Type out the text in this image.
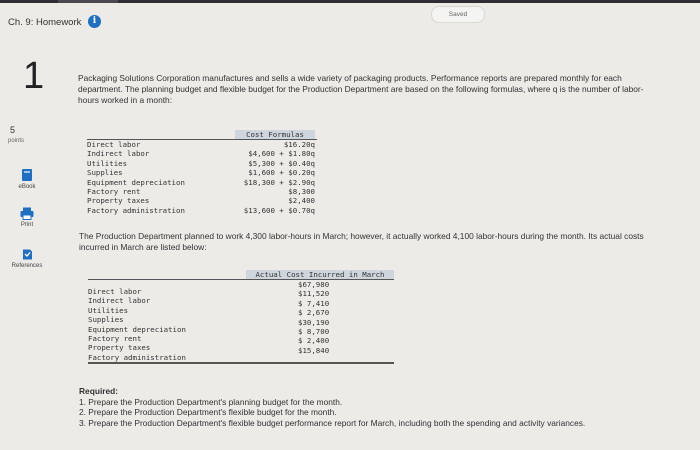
Ch. 9: Homework	i
Saved
1
5
points
eBook
Print
References
Packaging Solutions Corporation manufactures and sells a wide variety of packaging products. Performance reports are prepared monthly for each department. The planning budget and flexible budget for the Production Department are based on the following formulas, where q is the number of labor-hours worked in a month:
Cost Formulas
Direct labor
Indirect labor
Utilities
Supplies
Equipment depreciation
Factory rent
Property taxes
Factory administration
$16.20q
$4,600 + $1.80q
$5,300 + $0.40q
$1,600 + $0.20q
$18,300 + $2.90q
$8,300
$2,400
$13,600 + $0.70q
The Production Department planned to work 4,300 labor-hours in March; however, it actually worked 4,100 labor-hours during the month. Its actual costs incurred in March are listed below:
Actual Cost Incurred in March
Direct labor
Indirect labor
Utilities
Supplies
Equipment depreciation
Factory rent
Property taxes
Factory administration
$67,980
$11,520
$ 7,410
$ 2,670
$30,190
$ 8,700
$ 2,400
$15,840
Required:
1. Prepare the Production Department's planning budget for the month.
2. Prepare the Production Department's flexible budget for the month.
3. Prepare the Production Department's flexible budget performance report for March, including both the spending and activity variances.
